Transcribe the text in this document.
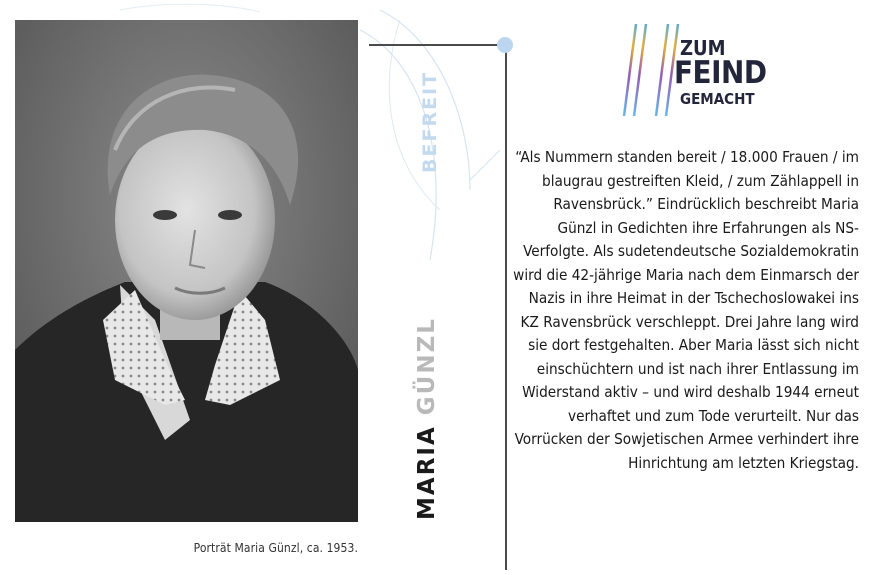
Porträt Maria Günzl, ca. 1953.
MARIAGÜNZL
BEFREIT
ZUM
FEIND
GEMACHT

“Als Nummern standen bereit / 18.000 Frauen / im blaugrau gestreiften Kleid, / zum Zählappell in Ravensbrück.” Eindrücklich beschreibt Maria Günzl in Gedichten ihre Erfahrungen als NS-Verfolgte. Als sudetendeutsche Sozialdemokratin wird die 42-jährige Maria nach dem Einmarsch der Nazis in ihre Heimat in der Tschechoslowakei ins KZ Ravensbrück verschleppt. Drei Jahre lang wird sie dort festgehalten. Aber Maria lässt sich nicht einschüchtern und ist nach ihrer Entlassung im Widerstand aktiv – und wird deshalb 1944 erneut verhaftet und zum Tode verurteilt. Nur das Vorrücken der Sowjetischen Armee verhindert ihre Hinrichtung am letzten Kriegstag.
